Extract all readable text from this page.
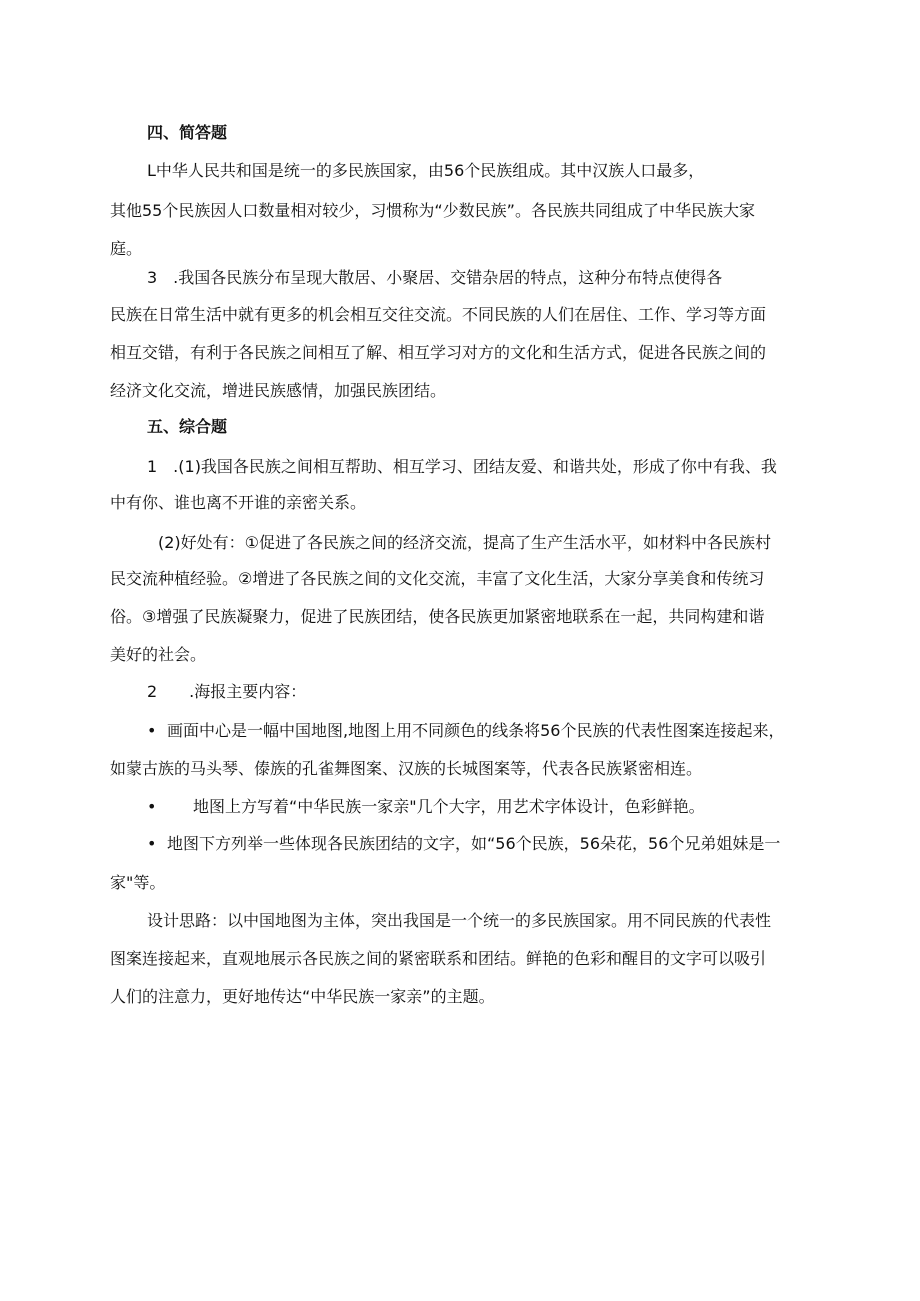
四、简答题
L中华人民共和国是统一的多民族国家，由56个民族组成。其中汉族人口最多，
其他55个民族因人口数量相对较少，习惯称为“少数民族”。各民族共同组成了中华民族大家
庭。
3　.我国各民族分布呈现大散居、小聚居、交错杂居的特点，这种分布特点使得各
民族在日常生活中就有更多的机会相互交往交流。不同民族的人们在居住、工作、学习等方面
相互交错，有利于各民族之间相互了解、相互学习对方的文化和生活方式，促进各民族之间的
经济文化交流，增进民族感情，加强民族团结。
五、综合题
1　.(1)我国各民族之间相互帮助、相互学习、团结友爱、和谐共处，形成了你中有我、我
中有你、谁也离不开谁的亲密关系。
(2)好处有：①促进了各民族之间的经济交流，提高了生产生活水平，如材料中各民族村
民交流种植经验。②增进了各民族之间的文化交流，丰富了文化生活，大家分享美食和传统习
俗。③增强了民族凝聚力，促进了民族团结，使各民族更加紧密地联系在一起，共同构建和谐
美好的社会。
2　　.海报主要内容：
• 画面中心是一幅中国地图,地图上用不同颜色的线条将56个民族的代表性图案连接起来，
如蒙古族的马头琴、傣族的孔雀舞图案、汉族的长城图案等，代表各民族紧密相连。
• 地图上方写着“中华民族一家亲"几个大字，用艺术字体设计，色彩鲜艳。
• 地图下方列举一些体现各民族团结的文字，如“56个民族，56朵花，56个兄弟姐妹是一
家"等。
设计思路：以中国地图为主体，突出我国是一个统一的多民族国家。用不同民族的代表性
图案连接起来，直观地展示各民族之间的紧密联系和团结。鲜艳的色彩和醒目的文字可以吸引
人们的注意力，更好地传达“中华民族一家亲”的主题。
